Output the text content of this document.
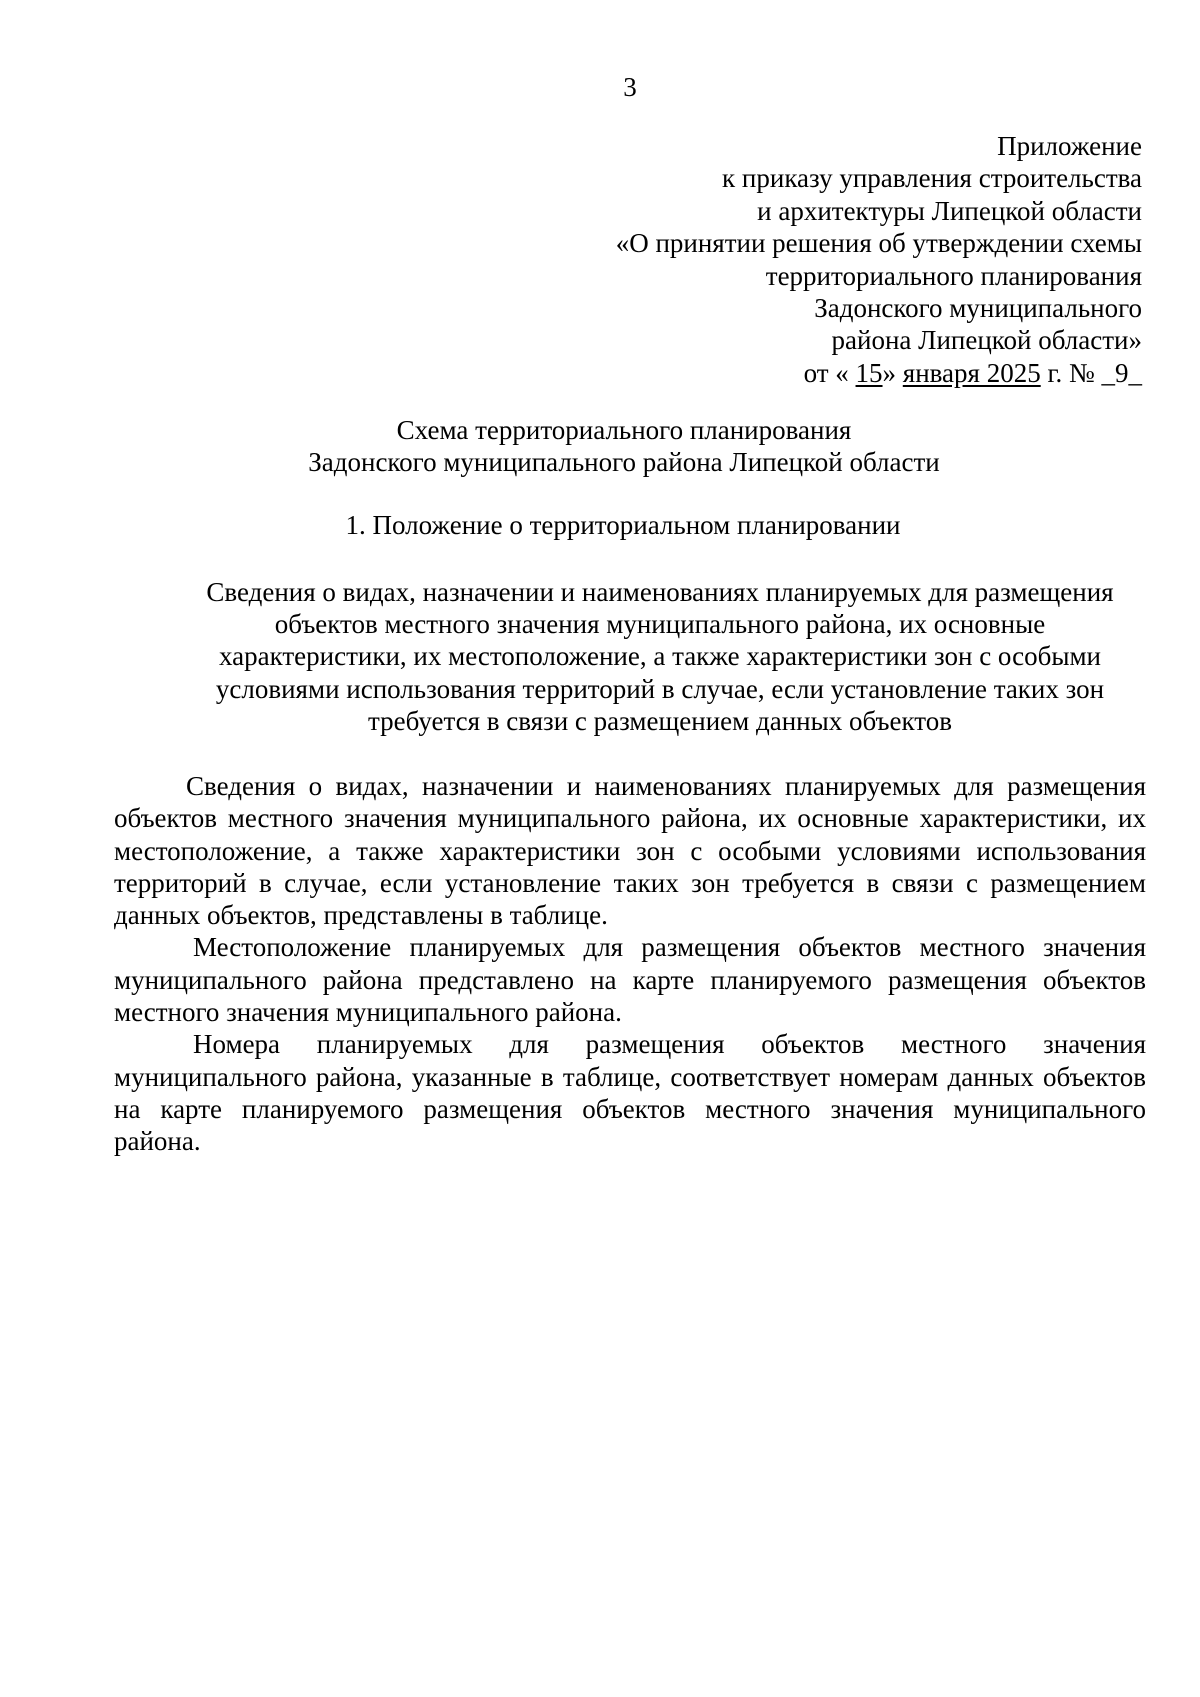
3
Приложение
к приказу управления строительства
и архитектуры Липецкой области
«О принятии решения об утверждении схемы
территориального планирования
Задонского муниципального
района Липецкой области»
от « 15» января 2025 г. № _9_
Схема территориального планирования
Задонского муниципального района Липецкой области
1. Положение о территориальном планировании
Сведения о видах, назначении и наименованиях планируемых для размещения
объектов местного значения муниципального района, их основные
характеристики, их местоположение, а также характеристики зон с особыми
условиями использования территорий в случае, если установление таких зон
требуется в связи с размещением данных объектов

Сведения о видах, назначении и наименованиях планируемых для размещения объектов местного значения муниципального района, их основные характеристики, их местоположение, а также характеристики зон с особыми условиями использования территорий в случае, если установление таких зон требуется в связи с размещением данных объектов, представлены в таблице.

Местоположение планируемых для размещения объектов местного значения муниципального района представлено на карте планируемого размещения объектов местного значения муниципального района.

Номера планируемых для размещения объектов местного значения муниципального района, указанные в таблице, соответствует номерам данных объектов на карте планируемого размещения объектов местного значения муниципального района.
